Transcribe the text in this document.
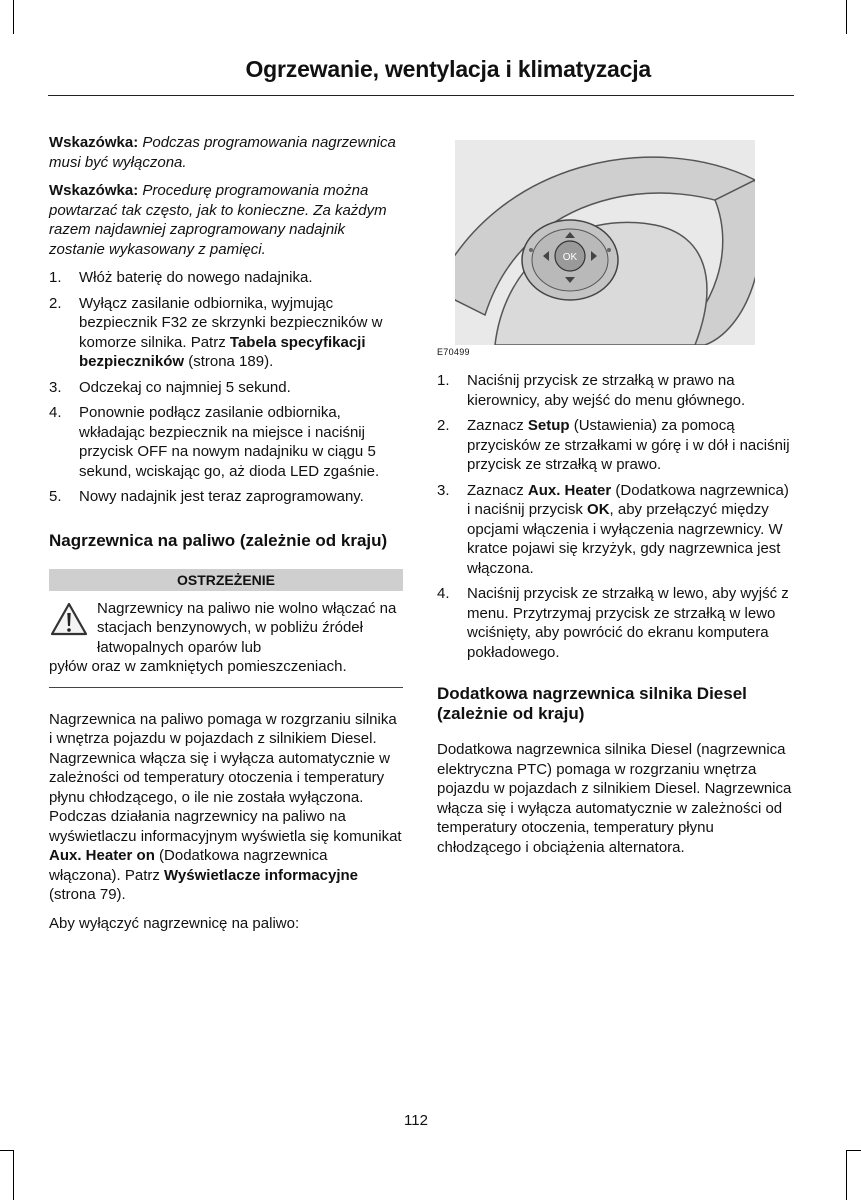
Ogrzewanie, wentylacja i klimatyzacja

Wskazówka: Podczas programowania nagrzewnica musi być wyłączona.

Wskazówka: Procedurę programowania można powtarzać tak często, jak to konieczne. Za każdym razem najdawniej zaprogramowany nadajnik zostanie wykasowany z pamięci.

1. Włóż baterię do nowego nadajnika.
2. Wyłącz zasilanie odbiornika, wyjmując bezpiecznik F32 ze skrzynki bezpieczników w komorze silnika. Patrz Tabela specyfikacji bezpieczników (strona 189).
3. Odczekaj co najmniej 5 sekund.
4. Ponownie podłącz zasilanie odbiornika, wkładając bezpiecznik na miejsce i naciśnij przycisk OFF na nowym nadajniku w ciągu 5 sekund, wciskając go, aż dioda LED zgaśnie.
5. Nowy nadajnik jest teraz zaprogramowany.
Nagrzewnica na paliwo (zależnie od kraju)
OSTRZEŻENIE
Nagrzewnicy na paliwo nie wolno włączać na stacjach benzynowych, w pobliżu źródeł łatwopalnych oparów lub
pyłów oraz w zamkniętych pomieszczeniach.

Nagrzewnica na paliwo pomaga w rozgrzaniu silnika i wnętrza pojazdu w pojazdach z silnikiem Diesel. Nagrzewnica włącza się i wyłącza automatycznie w zależności od temperatury otoczenia i temperatury płynu chłodzącego, o ile nie została wyłączona. Podczas działania nagrzewnicy na paliwo na wyświetlaczu informacyjnym wyświetla się komunikat Aux. Heater on (Dodatkowa nagrzewnica włączona). Patrz Wyświetlacze informacyjne (strona 79).

Aby wyłączyć nagrzewnicę na paliwo:

OK
E70499
1. Naciśnij przycisk ze strzałką w prawo na kierownicy, aby wejść do menu głównego.
2. Zaznacz Setup (Ustawienia) za pomocą przycisków ze strzałkami w górę i w dół i naciśnij przycisk ze strzałką w prawo.
3. Zaznacz Aux. Heater (Dodatkowa nagrzewnica) i naciśnij przycisk OK, aby przełączyć między opcjami włączenia i wyłączenia nagrzewnicy. W kratce pojawi się krzyżyk, gdy nagrzewnica jest włączona.
4. Naciśnij przycisk ze strzałką w lewo, aby wyjść z menu. Przytrzymaj przycisk ze strzałką w lewo wciśnięty, aby powrócić do ekranu komputera pokładowego.
Dodatkowa nagrzewnica silnika Diesel (zależnie od kraju)

Dodatkowa nagrzewnica silnika Diesel (nagrzewnica elektryczna PTC) pomaga w rozgrzaniu wnętrza pojazdu w pojazdach z silnikiem Diesel. Nagrzewnica włącza się i wyłącza automatycznie w zależności od temperatury otoczenia, temperatury płynu chłodzącego i obciążenia alternatora.

112
